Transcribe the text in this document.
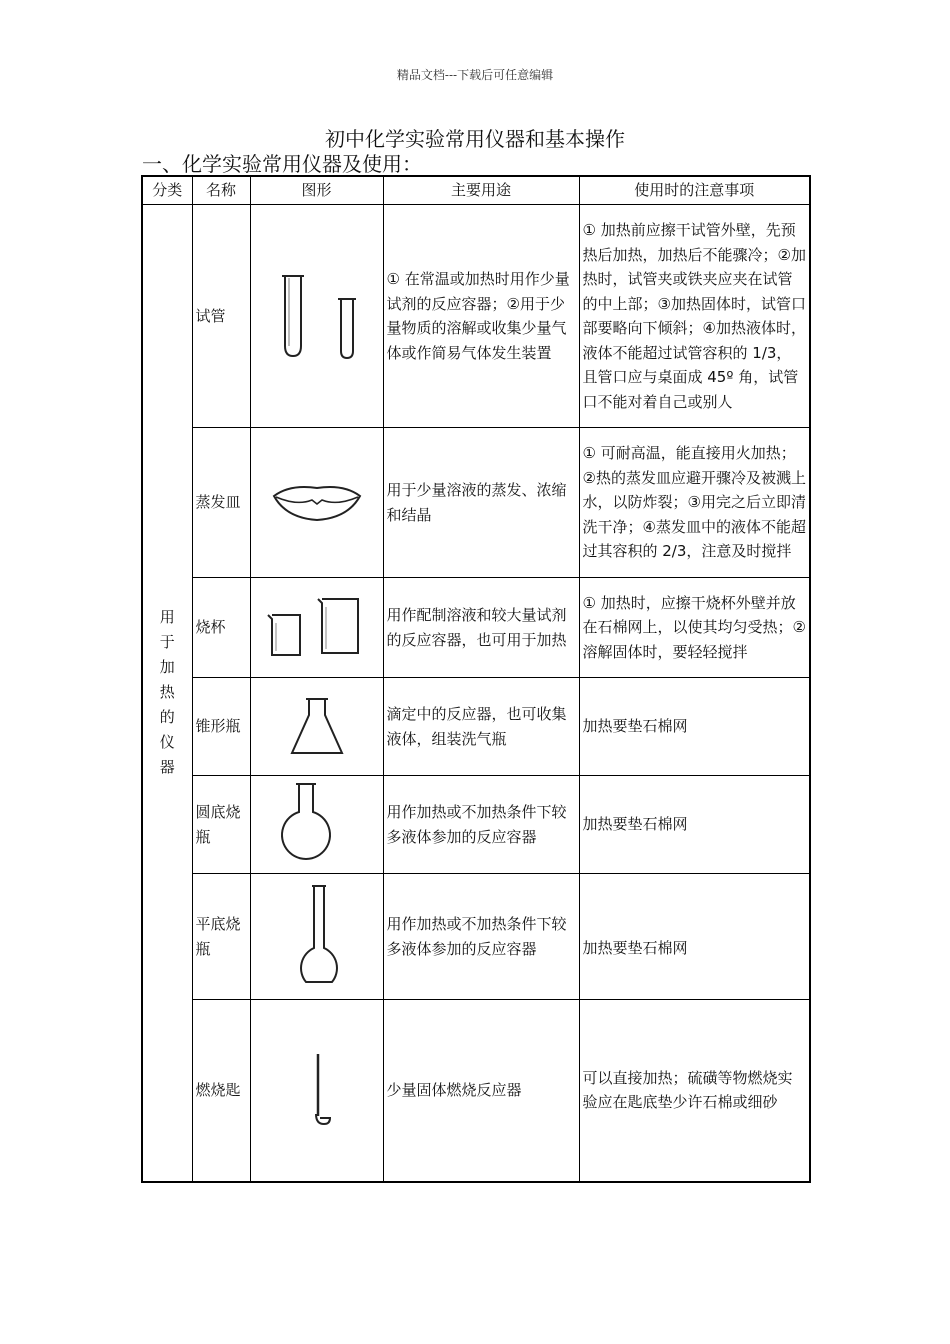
精品文档---下载后可任意编辑
初中化学实验常用仪器和基本操作
一、化学实验常用仪器及使用：
分类	名称	图形	主要用途	使用时的注意事项

用于加热的仪器	试管		① 在常温或加热时用作少量试剂的反应容器；②用于少量物质的溶解或收集少量气体或作简易气体发生装置	① 加热前应擦干试管外壁，先预热后加热，加热后不能骤冷；②加热时，试管夹或铁夹应夹在试管的中上部；③加热固体时，试管口部要略向下倾斜；④加热液体时，液体不能超过试管容积的 1/3，且管口应与桌面成 45º 角，试管口不能对着自己或别人
	蒸发皿		用于少量溶液的蒸发、浓缩和结晶	① 可耐高温，能直接用火加热；②热的蒸发皿应避开骤冷及被溅上水，以防炸裂；③用完之后立即清洗干净；④蒸发皿中的液体不能超过其容积的 2/3，注意及时搅拌
	烧杯		用作配制溶液和较大量试剂的反应容器，也可用于加热	① 加热时，应擦干烧杯外壁并放在石棉网上，以使其均匀受热；②溶解固体时，要轻轻搅拌
	锥形瓶		滴定中的反应器，也可收集液体，组装洗气瓶	加热要垫石棉网
	圆底烧瓶		用作加热或不加热条件下较多液体参加的反应容器	加热要垫石棉网
	平底烧瓶		用作加热或不加热条件下较多液体参加的反应容器	加热要垫石棉网
	燃烧匙		少量固体燃烧反应器	可以直接加热；硫磺等物燃烧实验应在匙底垫少许石棉或细砂
